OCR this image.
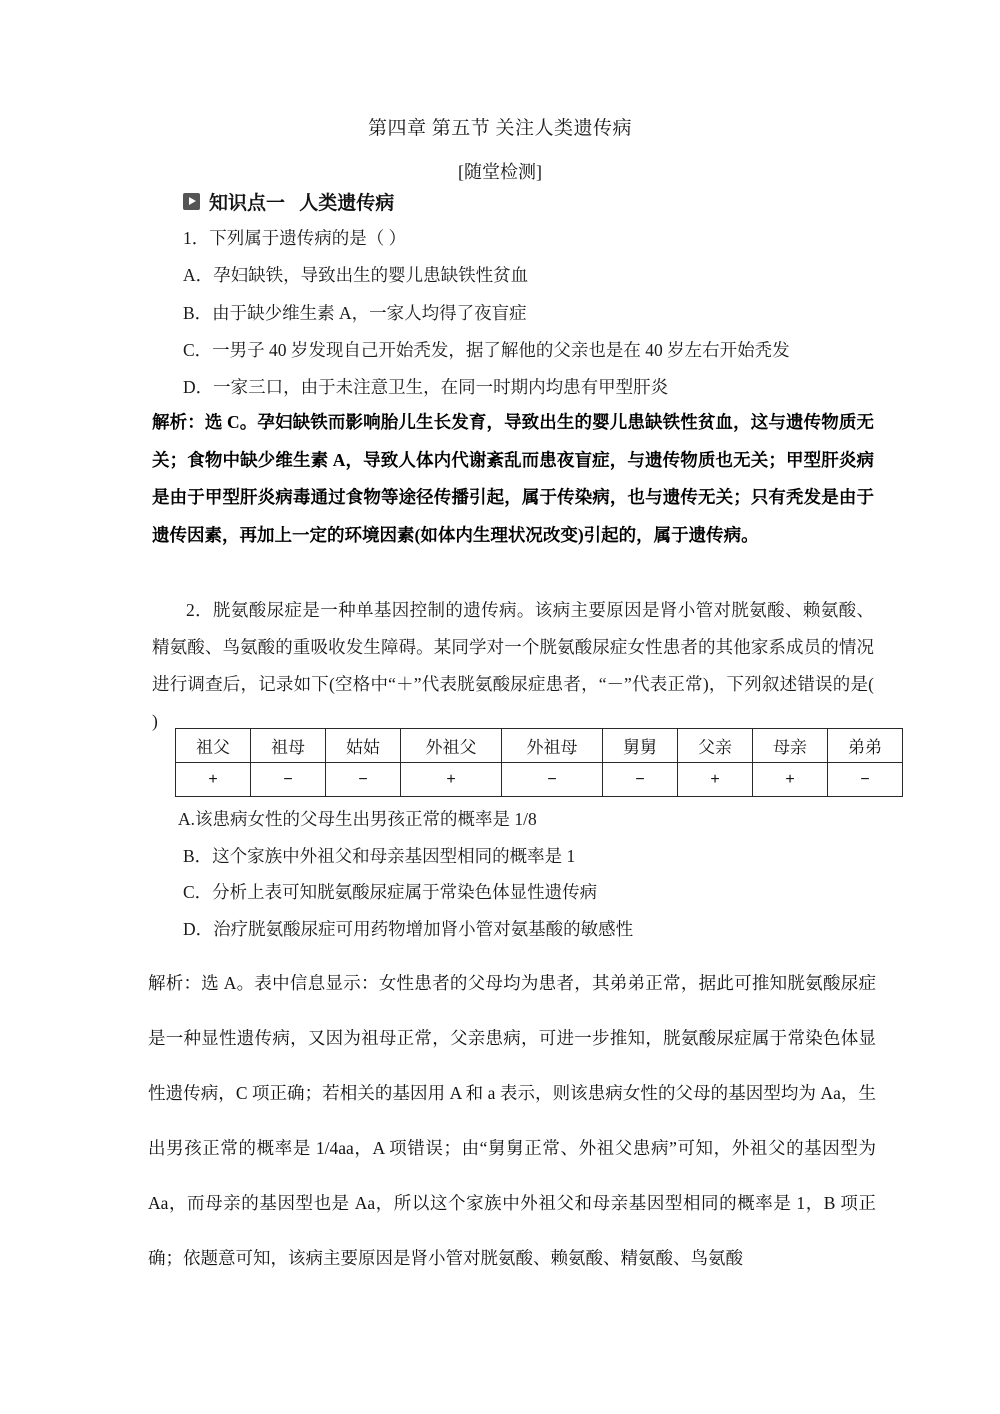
第四章 第五节 关注人类遗传病
[随堂检测]
知识点一   人类遗传病
1．下列属于遗传病的是（ ）
A．孕妇缺铁，导致出生的婴儿患缺铁性贫血
B．由于缺少维生素 A，一家人均得了夜盲症
C．一男子 40 岁发现自己开始秃发，据了解他的父亲也是在 40 岁左右开始秃发
D．一家三口，由于未注意卫生，在同一时期内均患有甲型肝炎
解析：选 C。孕妇缺铁而影响胎儿生长发育，导致出生的婴儿患缺铁性贫血，这与遗传物质无关；食物中缺少维生素 A，导致人体内代谢紊乱而患夜盲症，与遗传物质也无关；甲型肝炎病是由于甲型肝炎病毒通过食物等途径传播引起，属于传染病，也与遗传无关；只有秃发是由于遗传因素，再加上一定的环境因素(如体内生理状况改变)引起的，属于遗传病。
2．胱氨酸尿症是一种单基因控制的遗传病。该病主要原因是肾小管对胱氨酸、赖氨酸、精氨酸、鸟氨酸的重吸收发生障碍。某同学对一个胱氨酸尿症女性患者的其他家系成员的情况进行调查后，记录如下(空格中“＋”代表胱氨酸尿症患者，“－”代表正常)，下列叙述错误的是( )
祖父	祖母	姑姑	外祖父	外祖母	舅舅	父亲	母亲	弟弟
+	−	−	+	−	−	+	+	−
A.该患病女性的父母生出男孩正常的概率是 1/8
B．这个家族中外祖父和母亲基因型相同的概率是 1
C．分析上表可知胱氨酸尿症属于常染色体显性遗传病
D．治疗胱氨酸尿症可用药物增加肾小管对氨基酸的敏感性
解析：选 A。表中信息显示：女性患者的父母均为患者，其弟弟正常，据此可推知胱氨酸尿症是一种显性遗传病，又因为祖母正常，父亲患病，可进一步推知，胱氨酸尿症属于常染色体显性遗传病，C 项正确；若相关的基因用 A 和 a 表示，则该患病女性的父母的基因型均为 Aa，生出男孩正常的概率是 1/4aa，A 项错误；由“舅舅正常、外祖父患病”可知，外祖父的基因型为 Aa，而母亲的基因型也是 Aa，所以这个家族中外祖父和母亲基因型相同的概率是 1，B 项正确；依题意可知，该病主要原因是肾小管对胱氨酸、赖氨酸、精氨酸、鸟氨酸
